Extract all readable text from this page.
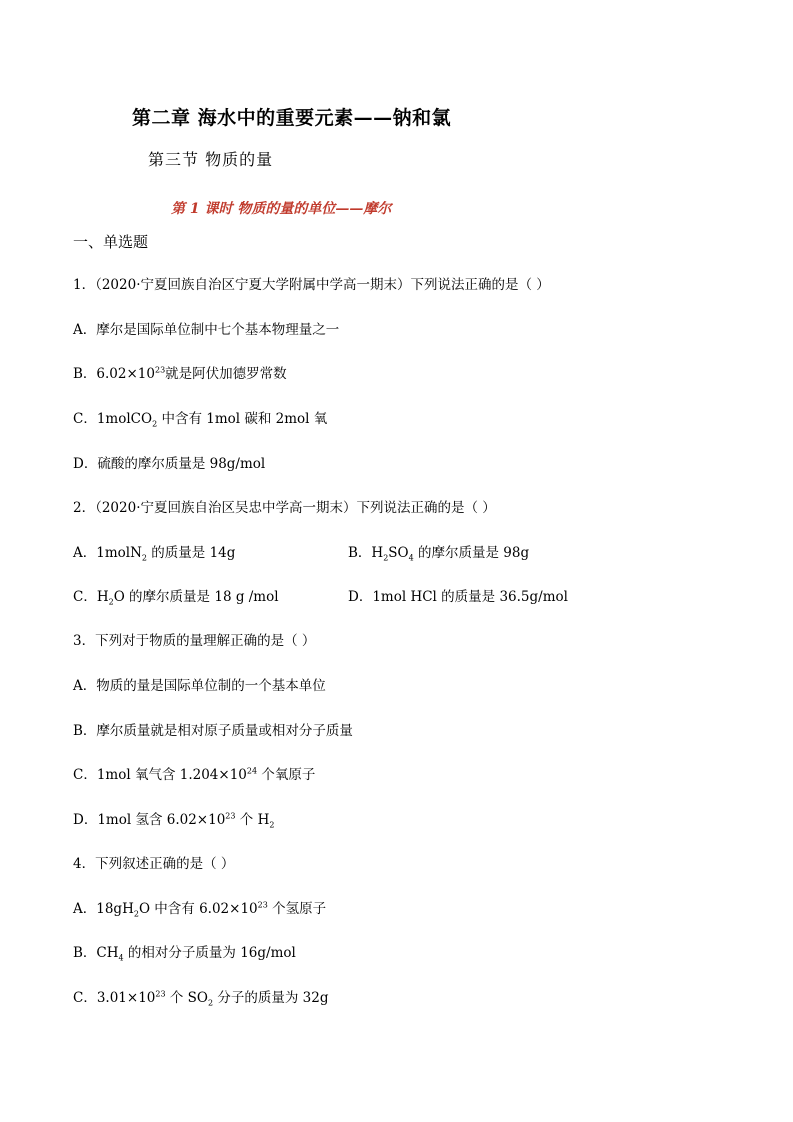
第二章 海水中的重要元素——钠和氯
第三节 物质的量
第 1 课时 物质的量的单位——摩尔
一、单选题
1．（2020·宁夏回族自治区宁夏大学附属中学高一期末）下列说法正确的是（ ）
A．摩尔是国际单位制中七个基本物理量之一
B．$6.02\times 10^{23}$就是阿伏加德罗常数
C．1molCO$_2$ 中含有 1mol 碳和 2mol 氧
D．硫酸的摩尔质量是 98g/mol
2．（2020·宁夏回族自治区吴忠中学高一期末）下列说法正确的是（ ）
A．1molN$_2$ 的质量是 14g	B．$H_2SO_4$ 的摩尔质量是 98g
C．$H_2O$ 的摩尔质量是 18 g /mol	D．1mol HCl 的质量是 36.5g/mol
3．下列对于物质的量理解正确的是（ ）
A．物质的量是国际单位制的一个基本单位
B．摩尔质量就是相对原子质量或相对分子质量
C．1mol 氧气含 $1.204\times 10^{24}$ 个氧原子
D．1mol 氢含 $6.02\times 10^{23}$ 个 $H_2$
4．下列叙述正确的是（ ）
A．$18gH_2O$ 中含有 $6.02\times 10^{23}$ 个氢原子
B．$CH_4$ 的相对分子质量为 16g/mol
C．$3.01\times 10^{23}$ 个 $SO_2$ 分子的质量为 32g
